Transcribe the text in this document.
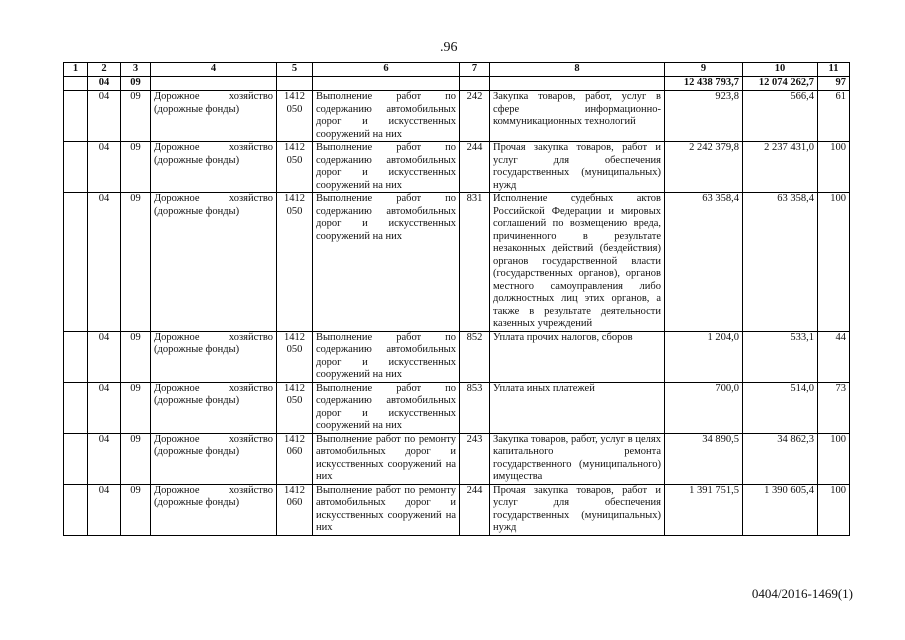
.96
1	2	3	4	5	6	7	8	9	10	11
	04	09						12 438 793,7	12 074 262,7	97
	04	09	Дорожное хозяйство (дорожные фонды)	1412 050	Выполнение работ по содержанию автомобильных дорог и искусственных сооружений на них	242	Закупка товаров, работ, услуг в сфере информационно-коммуникационных технологий	923,8	566,4	61
	04	09	Дорожное хозяйство (дорожные фонды)	1412 050	Выполнение работ по содержанию автомобильных дорог и искусственных сооружений на них	244	Прочая закупка товаров, работ и услуг для обеспечения государственных (муниципальных) нужд	2 242 379,8	2 237 431,0	100
	04	09	Дорожное хозяйство (дорожные фонды)	1412 050	Выполнение работ по содержанию автомобильных дорог и искусственных сооружений на них	831	Исполнение судебных актов Российской Федерации и мировых соглашений по возмещению вреда, причиненного в результате незаконных действий (бездействия) органов государственной власти (государственных органов), органов местного самоуправления либо должностных лиц этих органов, а также в результате деятельности казенных учреждений	63 358,4	63 358,4	100
	04	09	Дорожное хозяйство (дорожные фонды)	1412 050	Выполнение работ по содержанию автомобильных дорог и искусственных сооружений на них	852	Уплата прочих налогов, сборов	1 204,0	533,1	44
	04	09	Дорожное хозяйство (дорожные фонды)	1412 050	Выполнение работ по содержанию автомобильных дорог и искусственных сооружений на них	853	Уплата иных платежей	700,0	514,0	73
	04	09	Дорожное хозяйство (дорожные фонды)	1412 060	Выполнение работ по ремонту автомобильных дорог и искусственных сооружений на них	243	Закупка товаров, работ, услуг в целях капитального ремонта государственного (муниципального) имущества	34 890,5	34 862,3	100
	04	09	Дорожное хозяйство (дорожные фонды)	1412 060	Выполнение работ по ремонту автомобильных дорог и искусственных сооружений на них	244	Прочая закупка товаров, работ и услуг для обеспечения государственных (муниципальных) нужд	1 391 751,5	1 390 605,4	100
0404/2016-1469(1)
